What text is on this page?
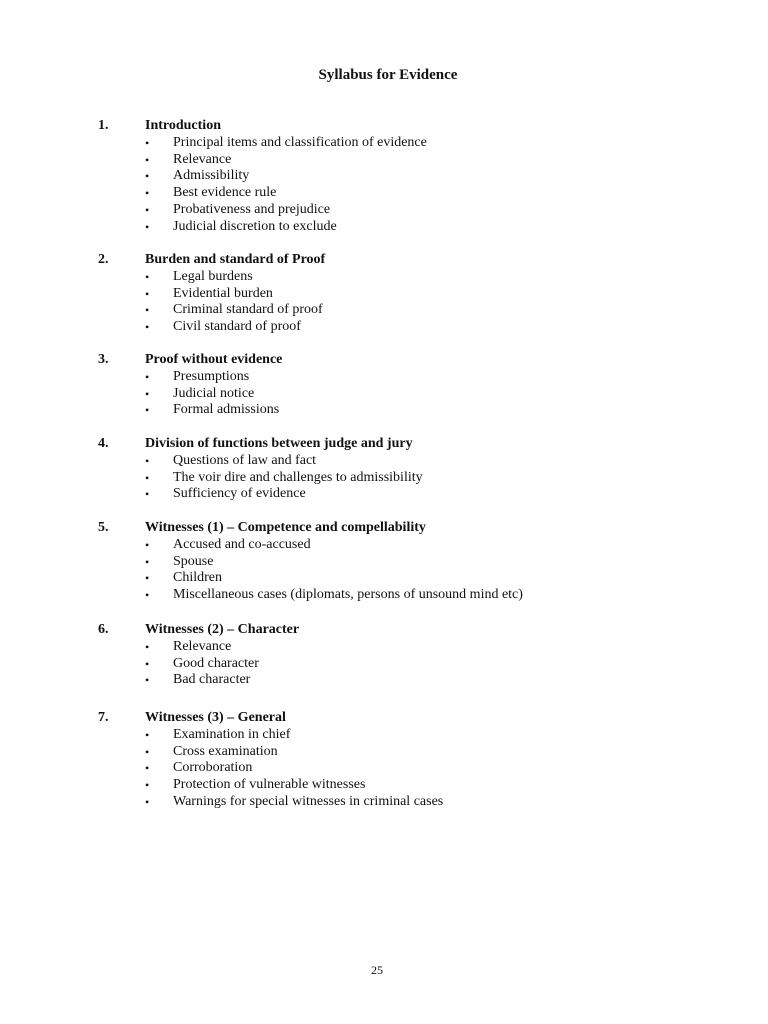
Syllabus for Evidence
1.	Introduction
• Principal items and classification of evidence
• Relevance
• Admissibility
• Best evidence rule
• Probativeness and prejudice
• Judicial discretion to exclude
2.	Burden and standard of Proof
• Legal burdens
• Evidential burden
• Criminal standard of proof
• Civil standard of proof
3.	Proof without evidence
• Presumptions
• Judicial notice
• Formal admissions
4.	Division of functions between judge and jury
• Questions of law and fact
• The voir dire and challenges to admissibility
• Sufficiency of evidence
5.	Witnesses (1) – Competence and compellability
• Accused and co-accused
• Spouse
• Children
• Miscellaneous cases (diplomats, persons of unsound mind etc)
6.	Witnesses (2) – Character
• Relevance
• Good character
• Bad character
7.	Witnesses (3) – General
• Examination in chief
• Cross examination
• Corroboration
• Protection of vulnerable witnesses
• Warnings for special witnesses in criminal cases
25
